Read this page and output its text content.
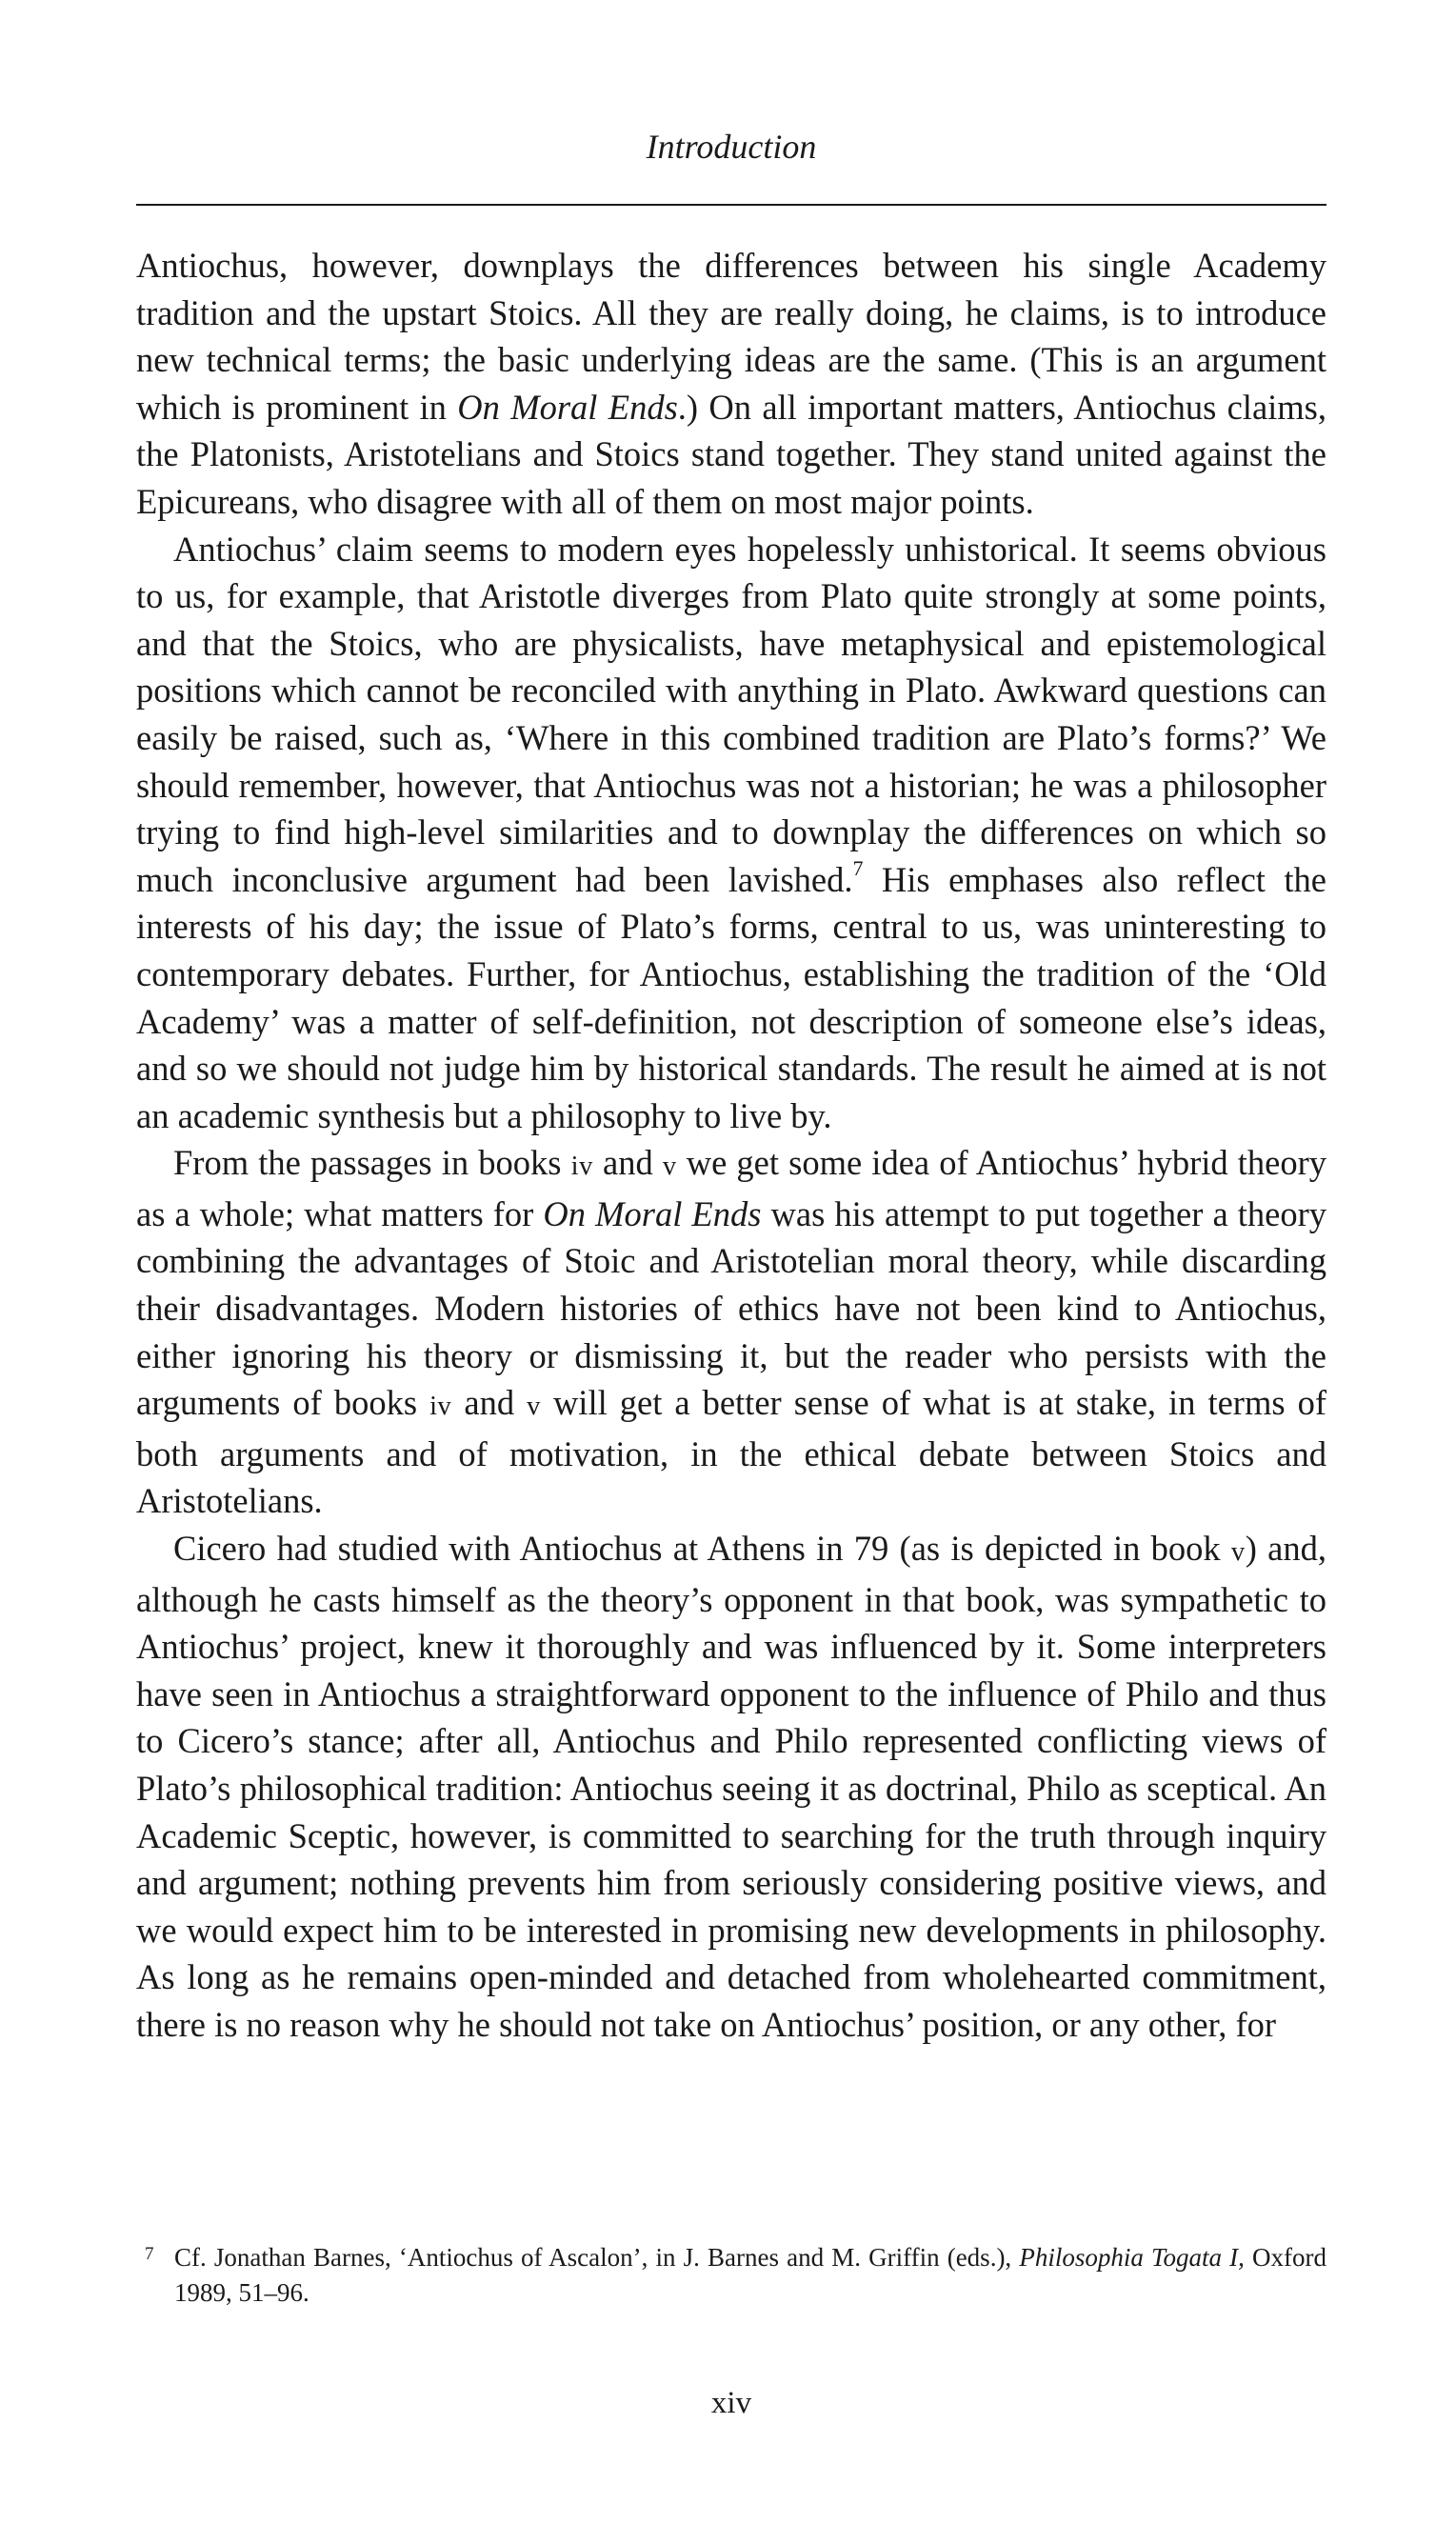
Introduction

Antiochus, however, downplays the differences between his single Academy tradition and the upstart Stoics. All they are really doing, he claims, is to introduce new technical terms; the basic underlying ideas are the same. (This is an argument which is prominent in On Moral Ends.) On all important matters, Antiochus claims, the Platonists, Aristotelians and Stoics stand together. They stand united against the Epicureans, who disagree with all of them on most major points.

Antiochus’ claim seems to modern eyes hopelessly unhistorical. It seems obvious to us, for example, that Aristotle diverges from Plato quite strongly at some points, and that the Stoics, who are physicalists, have metaphysical and epistemological positions which cannot be reconciled with anything in Plato. Awkward questions can easily be raised, such as, ‘Where in this combined tradition are Plato’s forms?’ We should remember, however, that Antiochus was not a historian; he was a philosopher trying to find high-level similarities and to downplay the differences on which so much inconclusive argument had been lavished.$^7$ His emphases also reflect the interests of his day; the issue of Plato’s forms, central to us, was uninteresting to contemporary debates. Further, for Antiochus, establishing the tradition of the ‘Old Academy’ was a matter of self-definition, not description of someone else’s ideas, and so we should not judge him by historical standards. The result he aimed at is not an academic synthesis but a philosophy to live by.

From the passages in books iv and v we get some idea of Antiochus’ hybrid theory as a whole; what matters for On Moral Ends was his attempt to put together a theory combining the advantages of Stoic and Aristotelian moral theory, while discarding their disadvantages. Modern histories of ethics have not been kind to Antiochus, either ignoring his theory or dismissing it, but the reader who persists with the arguments of books iv and v will get a better sense of what is at stake, in terms of both arguments and of motivation, in the ethical debate between Stoics and Aristotelians.

Cicero had studied with Antiochus at Athens in 79 (as is depicted in book v) and, although he casts himself as the theory’s opponent in that book, was sympathetic to Antiochus’ project, knew it thoroughly and was influenced by it. Some interpreters have seen in Antiochus a straightforward opponent to the influence of Philo and thus to Cicero’s stance; after all, Antiochus and Philo represented conflicting views of Plato’s philosophical tradition: Antiochus seeing it as doctrinal, Philo as sceptical. An Academic Sceptic, however, is committed to searching for the truth through inquiry and argument; nothing prevents him from seriously considering positive views, and we would expect him to be interested in promising new developments in philosophy. As long as he remains open-minded and detached from wholehearted commitment, there is no reason why he should not take on Antiochus’ position, or any other, for

7 Cf. Jonathan Barnes, ‘Antiochus of Ascalon’, in J. Barnes and M. Griffin (eds.), Philosophia Togata I, Oxford 1989, 51–96.
xiv
